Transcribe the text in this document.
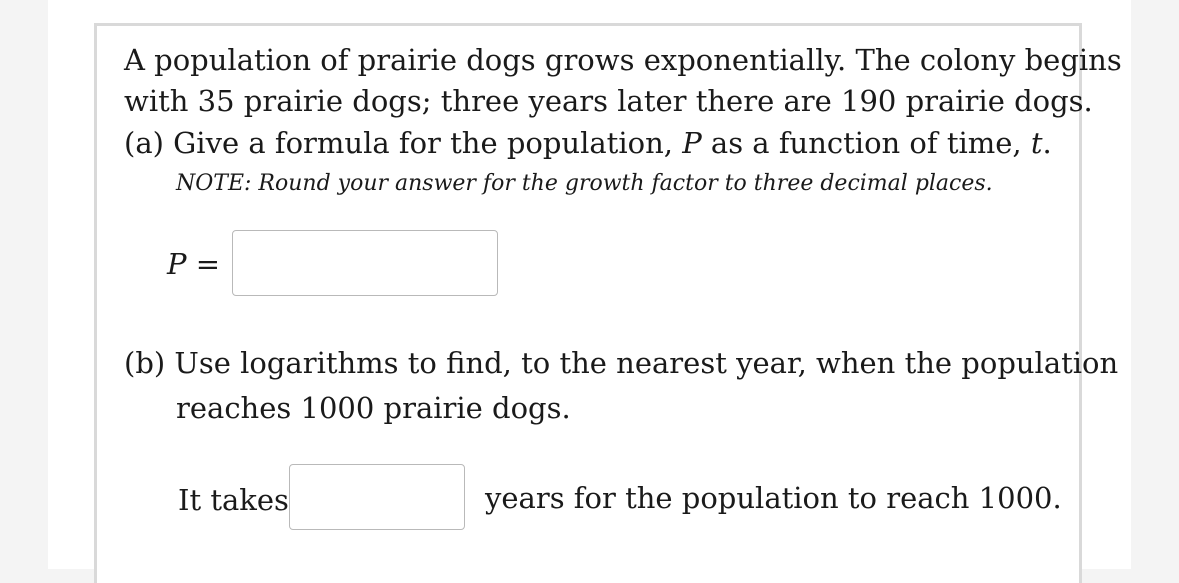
A population of prairie dogs grows exponentially. The colony begins
with 35 prairie dogs; three years later there are 190 prairie dogs.
(a) Give a formula for the population, P as a function of time, t.
NOTE: Round your answer for the growth factor to three decimal places.
P =
(b) Use logarithms to find, to the nearest year, when the population
reaches 1000 prairie dogs.
It takes	years for the population to reach 1000.
